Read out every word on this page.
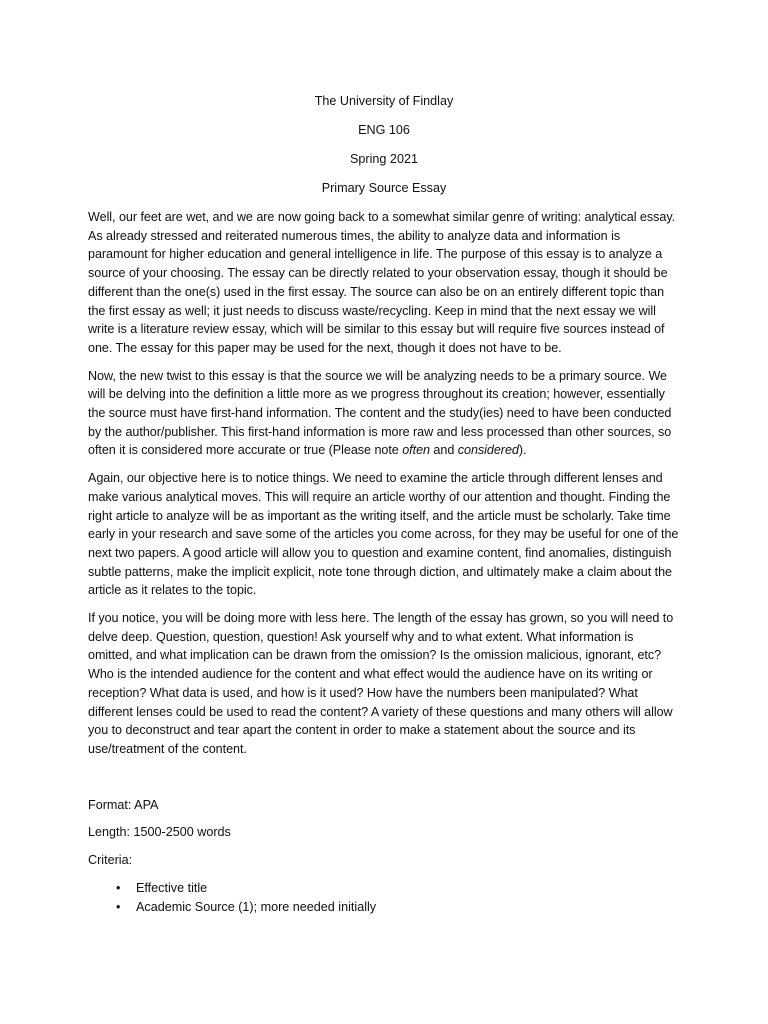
The University of Findlay
ENG 106
Spring 2021
Primary Source Essay

Well, our feet are wet, and we are now going back to a somewhat similar genre of writing: analytical essay. As already stressed and reiterated numerous times, the ability to analyze data and information is paramount for higher education and general intelligence in life. The purpose of this essay is to analyze a source of your choosing. The essay can be directly related to your observation essay, though it should be different than the one(s) used in the first essay. The source can also be on an entirely different topic than the first essay as well; it just needs to discuss waste/recycling. Keep in mind that the next essay we will write is a literature review essay, which will be similar to this essay but will require five sources instead of one. The essay for this paper may be used for the next, though it does not have to be.

Now, the new twist to this essay is that the source we will be analyzing needs to be a primary source. We will be delving into the definition a little more as we progress throughout its creation; however, essentially the source must have first-hand information. The content and the study(ies) need to have been conducted by the author/publisher. This first-hand information is more raw and less processed than other sources, so often it is considered more accurate or true (Please note often and considered).

Again, our objective here is to notice things. We need to examine the article through different lenses and make various analytical moves. This will require an article worthy of our attention and thought. Finding the right article to analyze will be as important as the writing itself, and the article must be scholarly. Take time early in your research and save some of the articles you come across, for they may be useful for one of the next two papers. A good article will allow you to question and examine content, find anomalies, distinguish subtle patterns, make the implicit explicit, note tone through diction, and ultimately make a claim about the article as it relates to the topic.

If you notice, you will be doing more with less here. The length of the essay has grown, so you will need to delve deep. Question, question, question! Ask yourself why and to what extent. What information is omitted, and what implication can be drawn from the omission? Is the omission malicious, ignorant, etc? Who is the intended audience for the content and what effect would the audience have on its writing or reception? What data is used, and how is it used? How have the numbers been manipulated? What different lenses could be used to read the content? A variety of these questions and many others will allow you to deconstruct and tear apart the content in order to make a statement about the source and its use/treatment of the content.

Format: APA
Length: 1500-2500 words
Criteria:
• Effective title
• Academic Source (1); more needed initially
